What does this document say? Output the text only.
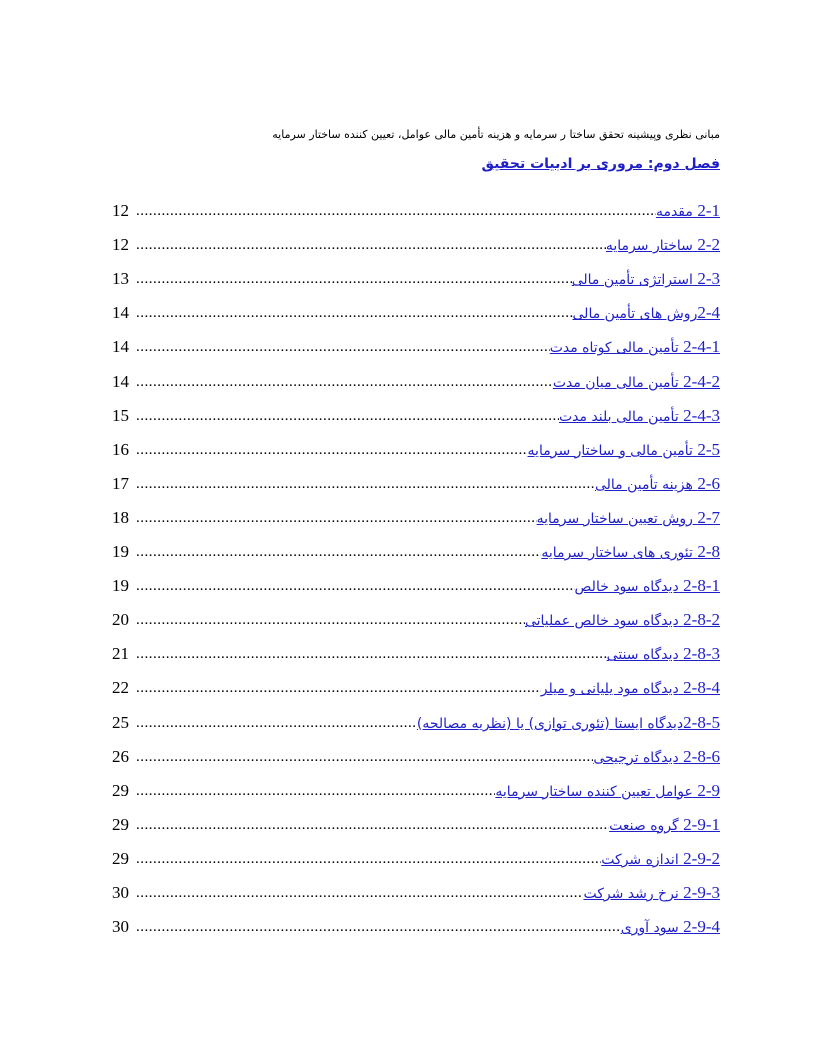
مبانی نظری وپیشینه تحقق ساختا ر سرمایه و هزینه تأمین مالی عوامل، تعیین کننده ساختار سرمایه
فصل دوم: مروری بر ادبیات تحقیق
2-1 مقدمه
.....
12
2-2 ساختار سرمایه
.....
12
2-3 استراتژی تأمین مالی
.....
13
2-4روش های تأمین مالی
.....
14
2-4-1 تأمین مالی کوتاه مدت
.....
14
2-4-2 تأمین مالی میان مدت
.....
14
2-4-3 تأمین مالی بلند مدت
.....
15
2-5 تأمین مالی و ساختار سرمایه
.....
16
2-6 هزینه تأمین مالی
.....
17
2-7 روش تعیین ساختار سرمایه
.....
18
2-8 تئوری های ساختار سرمایه
.....
19
2-8-1 دیدگاه سود خالص
.....
19
2-8-2 دیدگاه سود خالص عملیاتی
.....
20
2-8-3 دیدگاه سنتی
.....
21
2-8-4 دیدگاه مود یلیانی و میلر
.....
22
2-8-5دیدگاه ایستا (تئوری توازی) یا (نظریه مصالحه)
.....
25
2-8-6 دیدگاه ترجیحی
.....
26
2-9 عوامل تعیین کننده ساختار سرمایه
.....
29
2-9-1 گروه صنعت
.....
29
2-9-2 اندازه شرکت
.....
29
2-9-3 نرخ رشد شرکت
.....
30
2-9-4 سود آوری
.....
30
